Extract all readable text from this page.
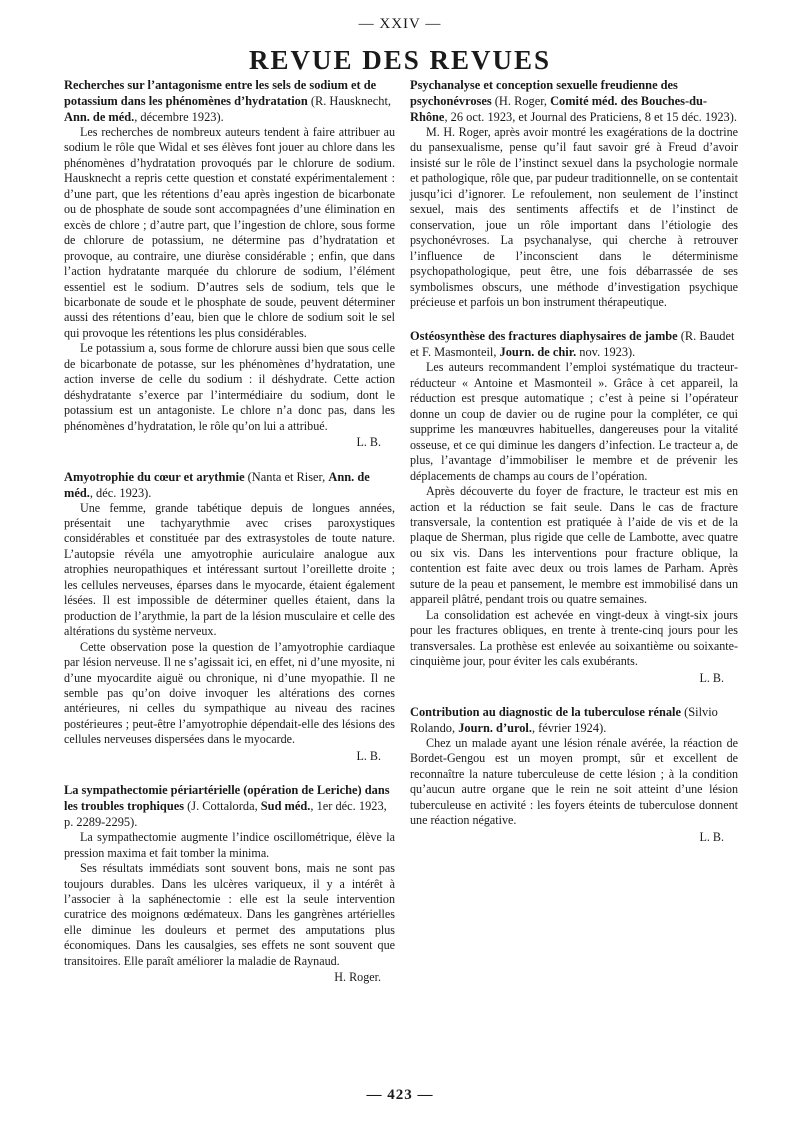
— XXIV —
REVUE DES REVUES

Recherches sur l’antagonisme entre les sels de sodium et de potassium dans les phénomènes d’hydratation (R. Hausknecht, Ann. de méd., décembre 1923).

Les recherches de nombreux auteurs tendent à faire attribuer au sodium le rôle que Widal et ses élèves font jouer au chlore dans les phénomènes d’hydratation provoqués par le chlorure de sodium. Hausknecht a repris cette question et constaté expérimentalement : d’une part, que les rétentions d’eau après ingestion de bicarbonate ou de phosphate de soude sont accompagnées d’une élimination en excès de chlore ; d’autre part, que l’ingestion de chlore, sous forme de chlorure de potassium, ne détermine pas d’hydratation et provoque, au contraire, une diurèse considérable ; enfin, que dans l’action hydratante marquée du chlorure de sodium, l’élément essentiel est le sodium. D’autres sels de sodium, tels que le bicarbonate de soude et le phosphate de soude, peuvent déterminer aussi des rétentions d’eau, bien que le chlore de sodium soit le sel qui provoque les rétentions les plus considérables.

Le potassium a, sous forme de chlorure aussi bien que sous celle de bicarbonate de potasse, sur les phénomènes d’hydratation, une action inverse de celle du sodium : il déshydrate. Cette action déshydratante s’exerce par l’intermédiaire du sodium, dont le potassium est un antagoniste. Le chlore n’a donc pas, dans les phénomènes d’hydratation, le rôle qu’on lui a attribué.

L. B.

Amyotrophie du cœur et arythmie (Nanta et Riser, Ann. de méd., déc. 1923).

Une femme, grande tabétique depuis de longues années, présentait une tachyarythmie avec crises paroxystiques considérables et constituée par des extrasystoles de toute nature. L’autopsie révéla une amyotrophie auriculaire analogue aux atrophies neuropathiques et intéressant surtout l’oreillette droite ; les cellules nerveuses, éparses dans le myocarde, étaient également lésées. Il est impossible de déterminer quelles étaient, dans la production de l’arythmie, la part de la lésion musculaire et celle des altérations du système nerveux.

Cette observation pose la question de l’amyotrophie cardiaque par lésion nerveuse. Il ne s’agissait ici, en effet, ni d’une myosite, ni d’une myocardite aiguë ou chronique, ni d’une myopathie. Il ne semble pas qu’on doive invoquer les altérations des cornes antérieures, ni celles du sympathique au niveau des racines postérieures ; peut-être l’amyotrophie dépendait-elle des lésions des cellules nerveuses dispersées dans le myocarde.

L. B.

La sympathectomie périartérielle (opération de Leriche) dans les troubles trophiques (J. Cottalorda, Sud méd., 1er déc. 1923, p. 2289-2295).

La sympathectomie augmente l’indice oscillométrique, élève la pression maxima et fait tomber la minima.

Ses résultats immédiats sont souvent bons, mais ne sont pas toujours durables. Dans les ulcères variqueux, il y a intérêt à l’associer à la saphénectomie : elle est la seule intervention curatrice des moignons œdémateux. Dans les gangrènes artérielles elle diminue les douleurs et permet des amputations plus économiques. Dans les causalgies, ses effets ne sont souvent que transitoires. Elle paraît améliorer la maladie de Raynaud.

H. Roger.

Psychanalyse et conception sexuelle freudienne des psychonévroses (H. Roger, Comité méd. des Bouches-du-Rhône, 26 oct. 1923, et Journal des Praticiens, 8 et 15 déc. 1923).

M. H. Roger, après avoir montré les exagérations de la doctrine du pansexualisme, pense qu’il faut savoir gré à Freud d’avoir insisté sur le rôle de l’instinct sexuel dans la psychologie normale et pathologique, rôle que, par pudeur traditionnelle, on se contentait jusqu’ici d’ignorer. Le refoulement, non seulement de l’instinct sexuel, mais des sentiments affectifs et de l’instinct de conservation, joue un rôle important dans l’étiologie des psychonévroses. La psychanalyse, qui cherche à retrouver l’influence de l’inconscient dans le déterminisme psychopathologique, peut être, une fois débarrassée de ses symbolismes obscurs, une méthode d’investigation psychique précieuse et parfois un bon instrument thérapeutique.

Ostéosynthèse des fractures diaphysaires de jambe (R. Baudet et F. Masmonteil, Journ. de chir. nov. 1923).

Les auteurs recommandent l’emploi systématique du tracteur-réducteur « Antoine et Masmonteil ». Grâce à cet appareil, la réduction est presque automatique ; c’est à peine si l’opérateur donne un coup de davier ou de rugine pour la compléter, ce qui supprime les manœuvres habituelles, dangereuses pour la vitalité osseuse, et ce qui diminue les dangers d’infection. Le tracteur a, de plus, l’avantage d’immobiliser le membre et de prévenir les déplacements de champs au cours de l’opération.

Après découverte du foyer de fracture, le tracteur est mis en action et la réduction se fait seule. Dans le cas de fracture transversale, la contention est pratiquée à l’aide de vis et de la plaque de Sherman, plus rigide que celle de Lambotte, avec quatre ou six vis. Dans les interventions pour fracture oblique, la contention est faite avec deux ou trois lames de Parham. Après suture de la peau et pansement, le membre est immobilisé dans un appareil plâtré, pendant trois ou quatre semaines.

La consolidation est achevée en vingt-deux à vingt-six jours pour les fractures obliques, en trente à trente-cinq jours pour les transversales. La prothèse est enlevée au soixantième ou soixante-cinquième jour, pour éviter les cals exubérants.

L. B.

Contribution au diagnostic de la tuberculose rénale (Silvio Rolando, Journ. d’urol., février 1924).

Chez un malade ayant une lésion rénale avérée, la réaction de Bordet-Gengou est un moyen prompt, sûr et excellent de reconnaître la nature tuberculeuse de cette lésion ; à la condition qu’aucun autre organe que le rein ne soit atteint d’une lésion tuberculeuse en activité : les foyers éteints de tuberculose donnent une réaction négative.

L. B.

— 423 —
